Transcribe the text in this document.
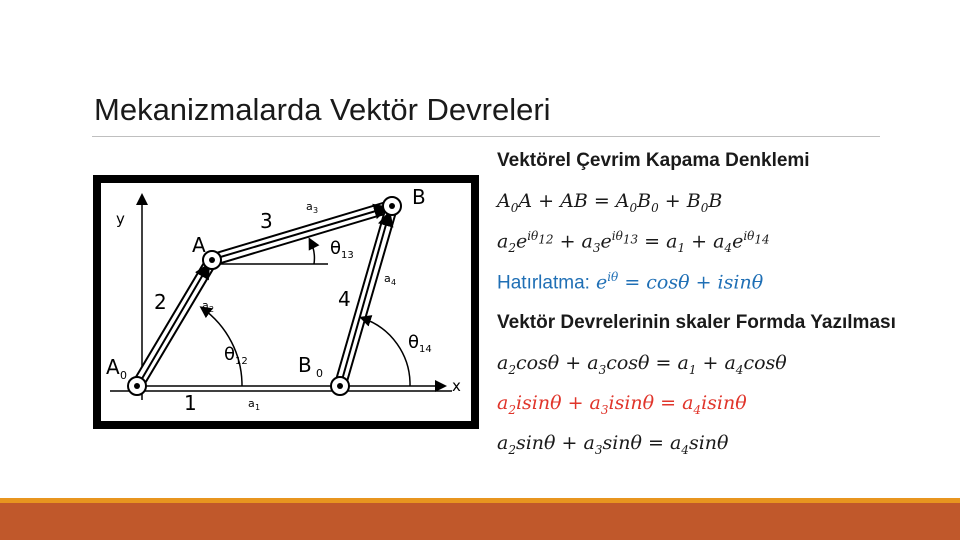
Mekanizmalarda Vektör Devreleri
y
x
B
A
A 0	B 0
1
2
3
4
a 1
a 2
a 3
a 4
θ 12
θ 13
θ 14
Vektörel Çevrim Kapama Denklemi
$A_0A$ + AB = $A_0B_0 + B_0B$
$a_2e^{i\theta_{12}} + a_3e^{i\theta_{13}} = a_1 + a_4e^{i\theta_{14}}$
Hatırlatma: $e^{i\theta} = \cos\theta + isin\theta$
Vektör Devrelerinin skaler Formda Yazılması
$a_2\cos\theta + a_3\cos\theta = a_1 + a_4\cos\theta$
$a_2isin\theta + a_3isin\theta = a_4isin\theta$
$a_2\sin\theta + a_3\sin\theta = a_4\sin\theta$
